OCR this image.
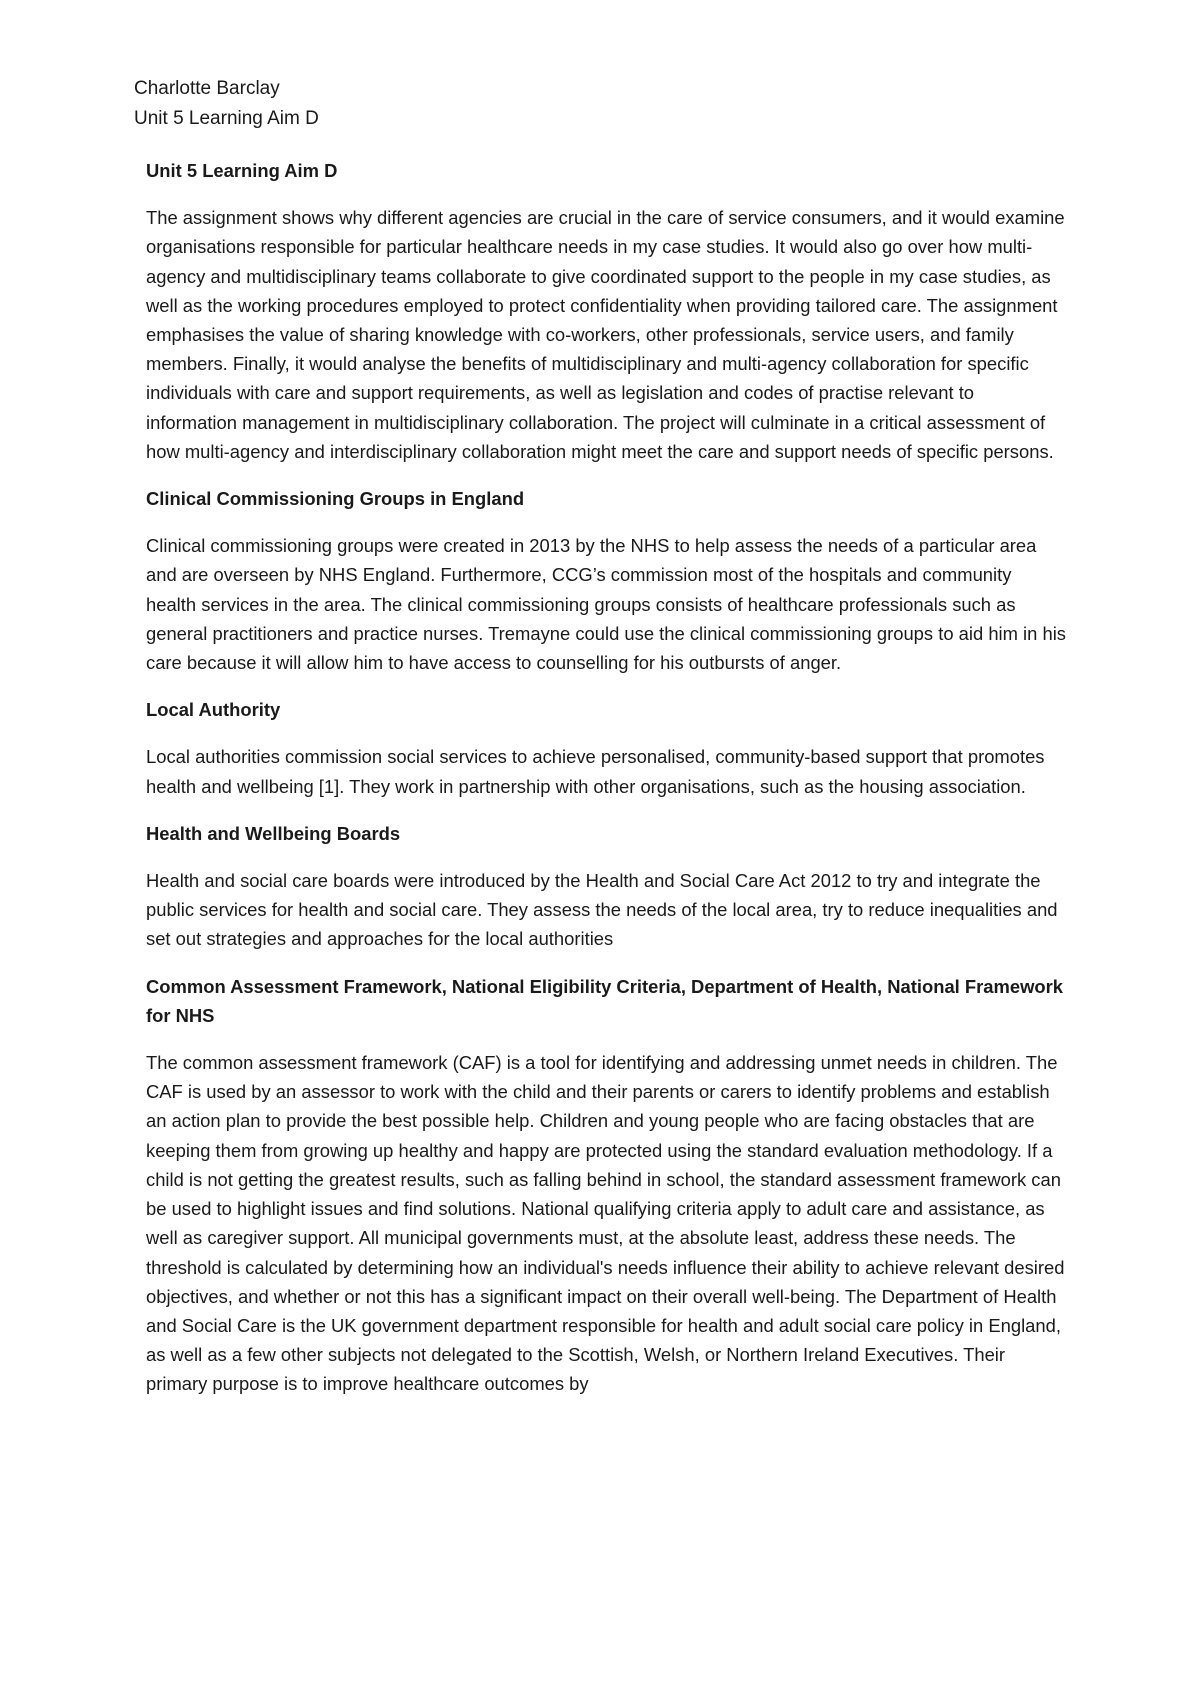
Charlotte Barclay
Unit 5 Learning Aim D
Unit 5 Learning Aim D

The assignment shows why different agencies are crucial in the care of service consumers, and it would examine organisations responsible for particular healthcare needs in my case studies. It would also go over how multi-agency and multidisciplinary teams collaborate to give coordinated support to the people in my case studies, as well as the working procedures employed to protect confidentiality when providing tailored care. The assignment emphasises the value of sharing knowledge with co-workers, other professionals, service users, and family members. Finally, it would analyse the benefits of multidisciplinary and multi-agency collaboration for specific individuals with care and support requirements, as well as legislation and codes of practise relevant to information management in multidisciplinary collaboration. The project will culminate in a critical assessment of how multi-agency and interdisciplinary collaboration might meet the care and support needs of specific persons.

Clinical Commissioning Groups in England

Clinical commissioning groups were created in 2013 by the NHS to help assess the needs of a particular area and are overseen by NHS England. Furthermore, CCG’s commission most of the hospitals and community health services in the area. The clinical commissioning groups consists of healthcare professionals such as general practitioners and practice nurses. Tremayne could use the clinical commissioning groups to aid him in his care because it will allow him to have access to counselling for his outbursts of anger.

Local Authority

Local authorities commission social services to achieve personalised, community-based support that promotes health and wellbeing [1]. They work in partnership with other organisations, such as the housing association.

Health and Wellbeing Boards

Health and social care boards were introduced by the Health and Social Care Act 2012 to try and integrate the public services for health and social care. They assess the needs of the local area, try to reduce inequalities and set out strategies and approaches for the local authorities

Common Assessment Framework, National Eligibility Criteria, Department of Health, National Framework for NHS

The common assessment framework (CAF) is a tool for identifying and addressing unmet needs in children. The CAF is used by an assessor to work with the child and their parents or carers to identify problems and establish an action plan to provide the best possible help. Children and young people who are facing obstacles that are keeping them from growing up healthy and happy are protected using the standard evaluation methodology. If a child is not getting the greatest results, such as falling behind in school, the standard assessment framework can be used to highlight issues and find solutions. National qualifying criteria apply to adult care and assistance, as well as caregiver support. All municipal governments must, at the absolute least, address these needs. The threshold is calculated by determining how an individual's needs influence their ability to achieve relevant desired objectives, and whether or not this has a significant impact on their overall well-being. The Department of Health and Social Care is the UK government department responsible for health and adult social care policy in England, as well as a few other subjects not delegated to the Scottish, Welsh, or Northern Ireland Executives. Their primary purpose is to improve healthcare outcomes by
